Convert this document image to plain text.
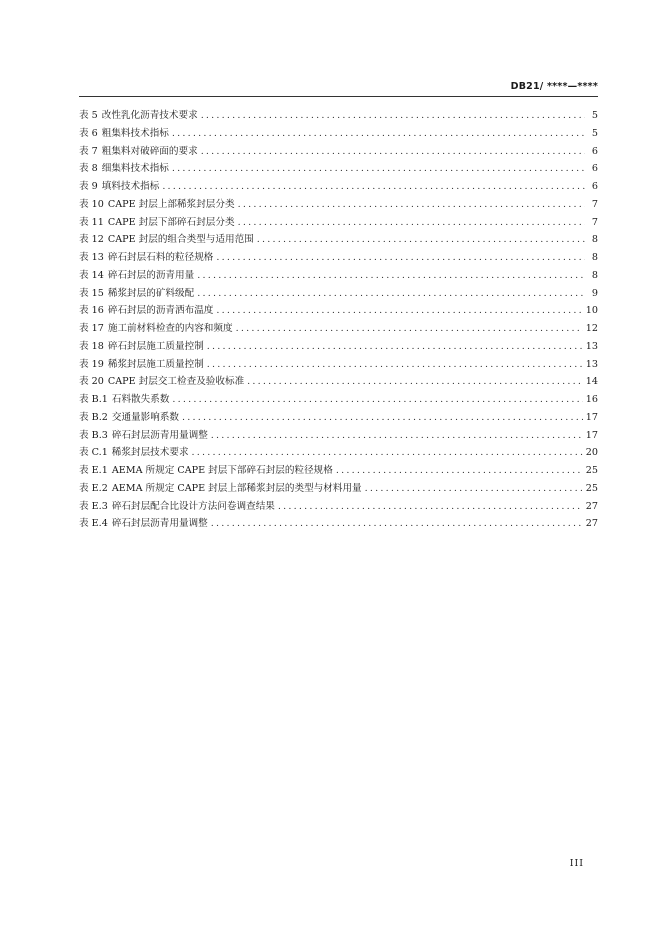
DB21/ ****—****
表 5 改性乳化沥青技术要求 .....	5
表 6 粗集料技术指标 .....	5
表 7 粗集料对破碎面的要求 .....	6
表 8 细集料技术指标 .....	6
表 9 填料技术指标 .....	6
表 10 CAPE 封层上部稀浆封层分类 .....	7
表 11 CAPE 封层下部碎石封层分类 .....	7
表 12 CAPE 封层的组合类型与适用范围 .....	8
表 13 碎石封层石料的粒径规格 .....	8
表 14 碎石封层的沥青用量 .....	8
表 15 稀浆封层的矿料级配 .....	9
表 16 碎石封层的沥青洒布温度 .....	10
表 17 施工前材料检查的内容和频度 .....	12
表 18 碎石封层施工质量控制 .....	13
表 19 稀浆封层施工质量控制 .....	13
表 20 CAPE 封层交工检查及验收标准 .....	14
表 B.1 石料散失系数 .....	16
表 B.2 交通量影响系数 .....	17
表 B.3 碎石封层沥青用量调整 .....	17
表 C.1 稀浆封层技术要求 .....	20
表 E.1 AEMA 所规定 CAPE 封层下部碎石封层的粒径规格 .....	25
表 E.2 AEMA 所规定 CAPE 封层上部稀浆封层的类型与材料用量 .....	25
表 E.3 碎石封层配合比设计方法问卷调查结果 .....	27
表 E.4 碎石封层沥青用量调整 .....	27
III
